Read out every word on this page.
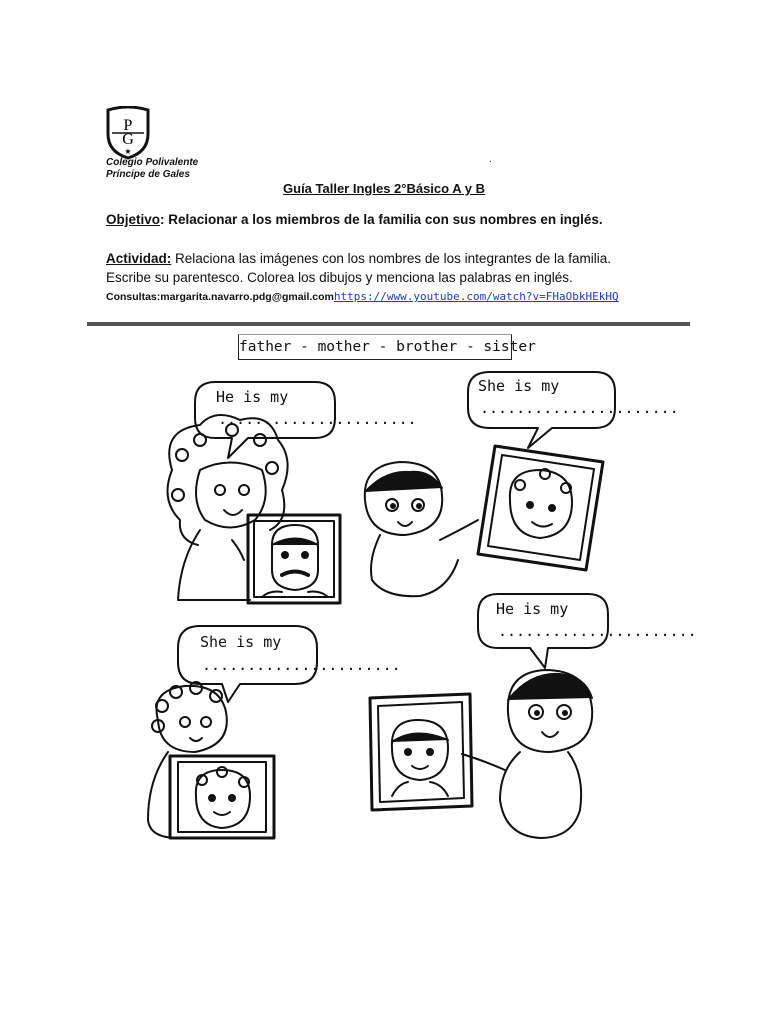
P
G
★
Colegio Polivalente
Príncipe de Gales
.
Guía Taller Ingles 2°Básico A y B
Objetivo: Relacionar a los miembros de la familia con sus nombres en inglés.
Actividad: Relaciona las imágenes con los nombres de los integrantes de la familia.
Escribe su parentesco. Colorea los dibujos y menciona las palabras en inglés.
Consultas:margarita.navarro.pdg@gmail.comhttps://www.youtube.com/watch?v=FHaObkHEkHQ
father - mother - brother - sister
He is my
......................
She is my
......................
She is my
......................
He is my
......................
